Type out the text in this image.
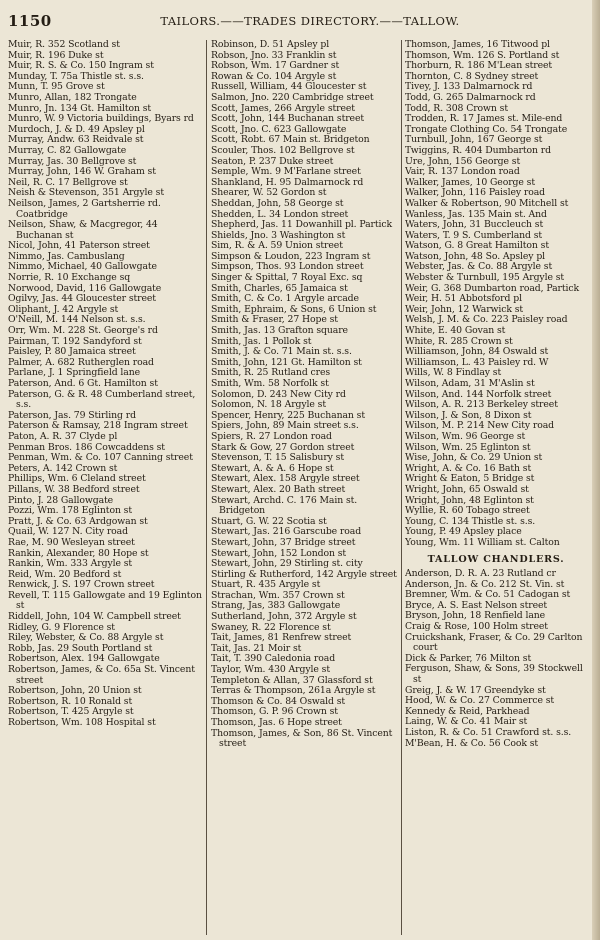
1150	TAILORS.——TRADES DIRECTORY.——TALLOW.
Muir, R. 352 Scotland st
Muir, R. 196 Duke st
Muir, R. S. & Co. 150 Ingram st
Munday, T. 75a Thistle st. s.s.
Munn, T. 95 Grove st
Munro, Allan, 182 Trongate
Munro, Jn. 134 Gt. Hamilton st
Munro, W. 9 Victoria buildings, Byars rd
Murdoch, J. & D. 49 Apsley pl
Murray, Andw. 63 Reidvale st
Murray, C. 82 Gallowgate
Murray, Jas. 30 Bellgrove st
Murray, John, 146 W. Graham st
Neil, R. C. 17 Bellgrove st
Neish & Stevenson, 351 Argyle st
Neilson, James, 2 Gartsherrie rd. Coatbridge
Neilson, Shaw, & Macgregor, 44 Buchanan st
Nicol, John, 41 Paterson street
Nimmo, Jas. Cambuslang
Nimmo, Michael, 40 Gallowgate
Norrie, R. 10 Exchange sq
Norwood, David, 116 Gallowgate
Ogilvy, Jas. 44 Gloucester street
Oliphant, J. 42 Argyle st
O'Neill, M. 144 Nelson st. s.s.
Orr, Wm. M. 228 St. George's rd
Pairman, T. 192 Sandyford st
Paisley, P. 80 Jamaica street
Palmer, A. 682 Rutherglen road
Parlane, J. 1 Springfield lane
Paterson, And. 6 Gt. Hamilton st
Paterson, G. & R. 48 Cumberland street, s.s.
Paterson, Jas. 79 Stirling rd
Paterson & Ramsay, 218 Ingram street
Paton, A. R. 37 Clyde pl
Penman Bros. 186 Cowcaddens st
Penman, Wm. & Co. 107 Canning street
Peters, A. 142 Crown st
Phillips, Wm. 6 Cleland street
Pillans, W. 38 Bedford street
Pinto, J. 28 Gallowgate
Pozzi, Wm. 178 Eglinton st
Pratt, J. & Co. 63 Ardgowan st
Quail, W. 127 N. City road
Rae, M. 90 Wesleyan street
Rankin, Alexander, 80 Hope st
Rankin, Wm. 333 Argyle st
Reid, Wm. 20 Bedford st
Renwick, J. S. 197 Crown street
Revell, T. 115 Gallowgate and 19 Eglinton st
Riddell, John, 104 W. Campbell street
Ridley, G. 9 Florence st
Riley, Webster, & Co. 88 Argyle st
Robb, Jas. 29 South Portland st
Robertson, Alex. 194 Gallowgate
Robertson, James, & Co. 65a St. Vincent street
Robertson, John, 20 Union st
Robertson, R. 10 Ronald st
Robertson, T. 425 Argyle st
Robertson, Wm. 108 Hospital st
Robinson, D. 51 Apsley pl
Robson, Jno. 33 Franklin st
Robson, Wm. 17 Gardner st
Rowan & Co. 104 Argyle st
Russell, William, 44 Gloucester st
Salmon, Jno. 220 Cambridge street
Scott, James, 266 Argyle street
Scott, John, 144 Buchanan street
Scott, Jno. C. 623 Gallowgate
Scott, Robt. 67 Main st. Bridgeton
Scouler, Thos. 102 Bellgrove st
Seaton, P. 237 Duke street
Semple, Wm. 9 M'Farlane street
Shankland, H. 95 Dalmarnock rd
Shearer, W. 52 Gordon st
Sheddan, John, 58 George st
Shedden, L. 34 London street
Shepherd, Jas. 11 Dowanhill pl. Partick
Shields, Jno. 3 Washington st
Sim, R. & A. 59 Union street
Simpson & Loudon, 223 Ingram st
Simpson, Thos. 93 London street
Singer & Spittal, 7 Royal Exc. sq
Smith, Charles, 65 Jamaica st
Smith, C. & Co. 1 Argyle arcade
Smith, Ephraim, & Sons, 6 Union st
Smith & Fraser, 27 Hope st
Smith, Jas. 13 Grafton square
Smith, Jas. 1 Pollok st
Smith, J. & Co. 71 Main st. s.s.
Smith, John, 121 Gt. Hamilton st
Smith, R. 25 Rutland cres
Smith, Wm. 58 Norfolk st
Solomon, D. 243 New City rd
Solomon, N. 18 Argyle st
Spencer, Henry, 225 Buchanan st
Spiers, John, 89 Main street s.s.
Spiers, R. 27 London road
Stark & Gow, 27 Gordon street
Stevenson, T. 15 Salisbury st
Stewart, A. & A. 6 Hope st
Stewart, Alex. 158 Argyle street
Stewart, Alex. 20 Bath street
Stewart, Archd. C. 176 Main st. Bridgeton
Stuart, G. W. 22 Scotia st
Stewart, Jas. 216 Garscube road
Stewart, John, 37 Bridge street
Stewart, John, 152 London st
Stewart, John, 29 Stirling st. city
Stirling & Rutherford, 142 Argyle street
Stuart, R. 435 Argyle st
Strachan, Wm. 357 Crown st
Strang, Jas, 383 Gallowgate
Sutherland, John, 372 Argyle st
Swaney, R. 22 Florence st
Tait, James, 81 Renfrew street
Tait, Jas. 21 Moir st
Tait, T. 390 Caledonia road
Taylor, Wm. 430 Argyle st
Templeton & Allan, 37 Glassford st
Terras & Thompson, 261a Argyle st
Thomson & Co. 84 Oswald st
Thomson, G. P. 96 Crown st
Thomson, Jas. 6 Hope street
Thomson, James, & Son, 86 St. Vincent street
Thomson, James, 16 Titwood pl
Thomson, Wm. 126 S. Portland st
Thorburn, R. 186 M'Lean street
Thornton, C. 8 Sydney street
Tivey, J. 133 Dalmarnock rd
Todd, G. 265 Dalmarnock rd
Todd, R. 308 Crown st
Trodden, R. 17 James st. Mile-end
Trongate Clothing Co. 54 Trongate
Turnbull, John, 167 George st
Twiggins, R. 404 Dumbarton rd
Ure, John, 156 George st
Vair, R. 137 London road
Walker, James, 10 George st
Walker, John, 116 Paisley road
Walker & Robertson, 90 Mitchell st
Wanless, Jas. 135 Main st. And
Waters, John, 31 Buccleuch st
Waters, T. 9 S. Cumberland st
Watson, G. 8 Great Hamilton st
Watson, John, 48 So. Apsley pl
Webster, Jas. & Co. 88 Argyle st
Webster & Turnbull, 195 Argyle st
Weir, G. 368 Dumbarton road, Partick
Weir, H. 51 Abbotsford pl
Weir, John, 12 Warwick st
Welsh, J. M. & Co. 223 Paisley road
White, E. 40 Govan st
White, R. 285 Crown st
Williamson, John, 84 Oswald st
Williamson, L. 43 Paisley rd. W
Wills, W. 8 Findlay st
Wilson, Adam, 31 M'Aslin st
Wilson, And. 144 Norfolk street
Wilson, A. R. 213 Berkeley street
Wilson, J. & Son, 8 Dixon st
Wilson, M. P. 214 New City road
Wilson, Wm. 96 George st
Wilson, Wm. 25 Eglinton st
Wise, John, & Co. 29 Union st
Wright, A. & Co. 16 Bath st
Wright & Eaton, 5 Bridge st
Wright, John, 65 Oswald st
Wright, John, 48 Eglinton st
Wyllie, R. 60 Tobago street
Young, C. 134 Thistle st. s.s.
Young, P. 49 Apsley place
Young, Wm. 11 William st. Calton
TALLOW CHANDLERS.
Anderson, D. R. A. 23 Rutland cr
Anderson, Jn. & Co. 212 St. Vin. st
Bremner, Wm. & Co. 51 Cadogan st
Bryce, A. S. East Nelson street
Bryson, John, 18 Renfield lane
Craig & Rose, 100 Holm street
Cruickshank, Fraser, & Co. 29 Carlton court
Dick & Parker, 76 Milton st
Ferguson, Shaw, & Sons, 39 Stockwell st
Greig, J. & W. 17 Greendyke st
Hood, W. & Co. 27 Commerce st
Kennedy & Reid, Parkhead
Laing, W. & Co. 41 Mair st
Liston, R. & Co. 51 Crawford st. s.s.
M'Bean, H. & Co. 56 Cook st
